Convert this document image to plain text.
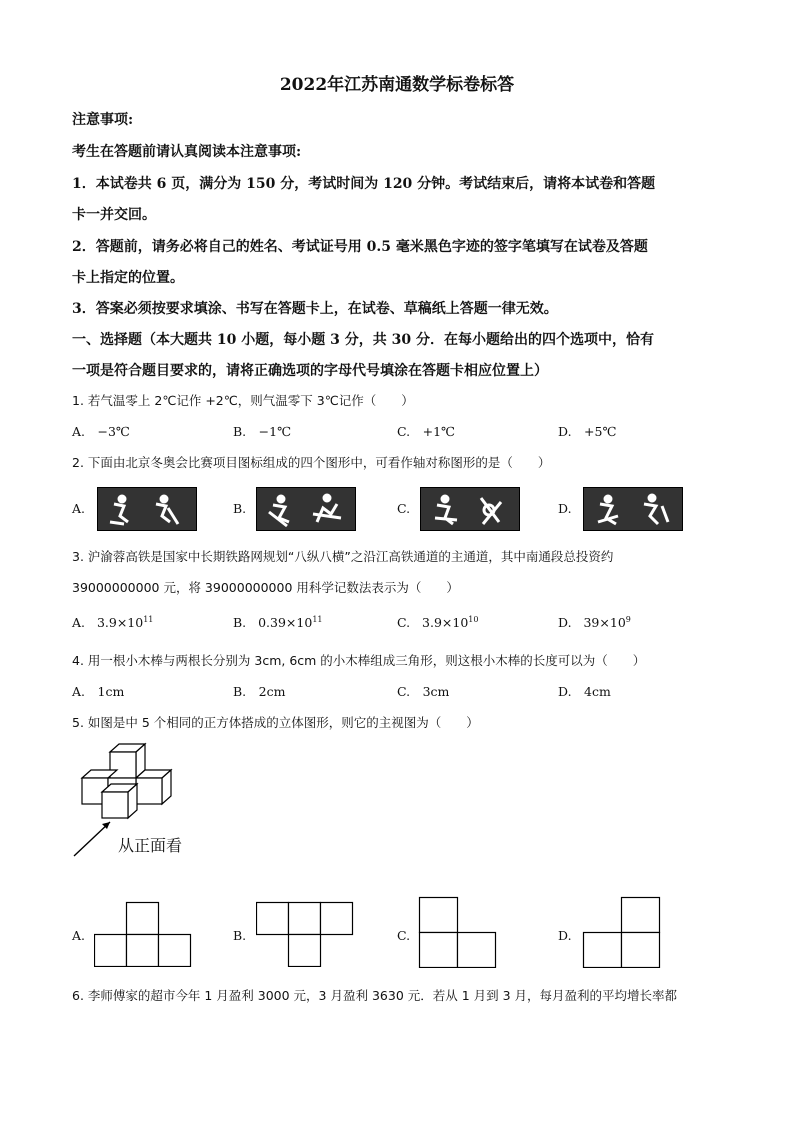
2022年江苏南通数学标卷标答
注意事项:
考生在答题前请认真阅读本注意事项:
1．本试卷共 6 页，满分为 150 分，考试时间为 120 分钟。考试结束后，请将本试卷和答题
卡一并交回。
2．答题前，请务必将自己的姓名、考试证号用 0.5 毫米黑色字迹的签字笔填写在试卷及答题
卡上指定的位置。
3．答案必须按要求填涂、书写在答题卡上，在试卷、草稿纸上答题一律无效。
一、选择题（本大题共 10 小题，每小题 3 分，共 30 分．在每小题给出的四个选项中，恰有
一项是符合题目要求的，请将正确选项的字母代号填涂在答题卡相应位置上）
1. 若气温零上 2℃记作 +2℃，则气温零下 3℃记作（　　）
A.　−3℃	B.　−1℃	C.　+1℃	D.　+5℃
2. 下面由北京冬奥会比赛项目图标组成的四个图形中，可看作轴对称图形的是（　　）
A.	B.	C.	D.
3. 沪渝蓉高铁是国家中长期铁路网规划“八纵八横”之沿江高铁通道的主通道，其中南通段总投资约
39000000000 元，将 39000000000 用科学记数法表示为（　　）
A. $3.9\times 10^{11}$	B. $0.39\times 10^{11}$	C. $3.9\times 10^{10}$	D. $39\times 10^9$
4. 用一根小木棒与两根长分别为 3cm, 6cm 的小木棒组成三角形，则这根小木棒的长度可以为（　　）
A.　1cm	B.　2cm	C.　3cm	D.　4cm
5. 如图是中 5 个相同的正方体搭成的立体图形，则它的主视图为（　　）
从正面看
A.	B.	C.	D.
6. 李师傅家的超市今年 1 月盈利 3000 元，3 月盈利 3630 元．若从 1 月到 3 月，每月盈利的平均增长率都
